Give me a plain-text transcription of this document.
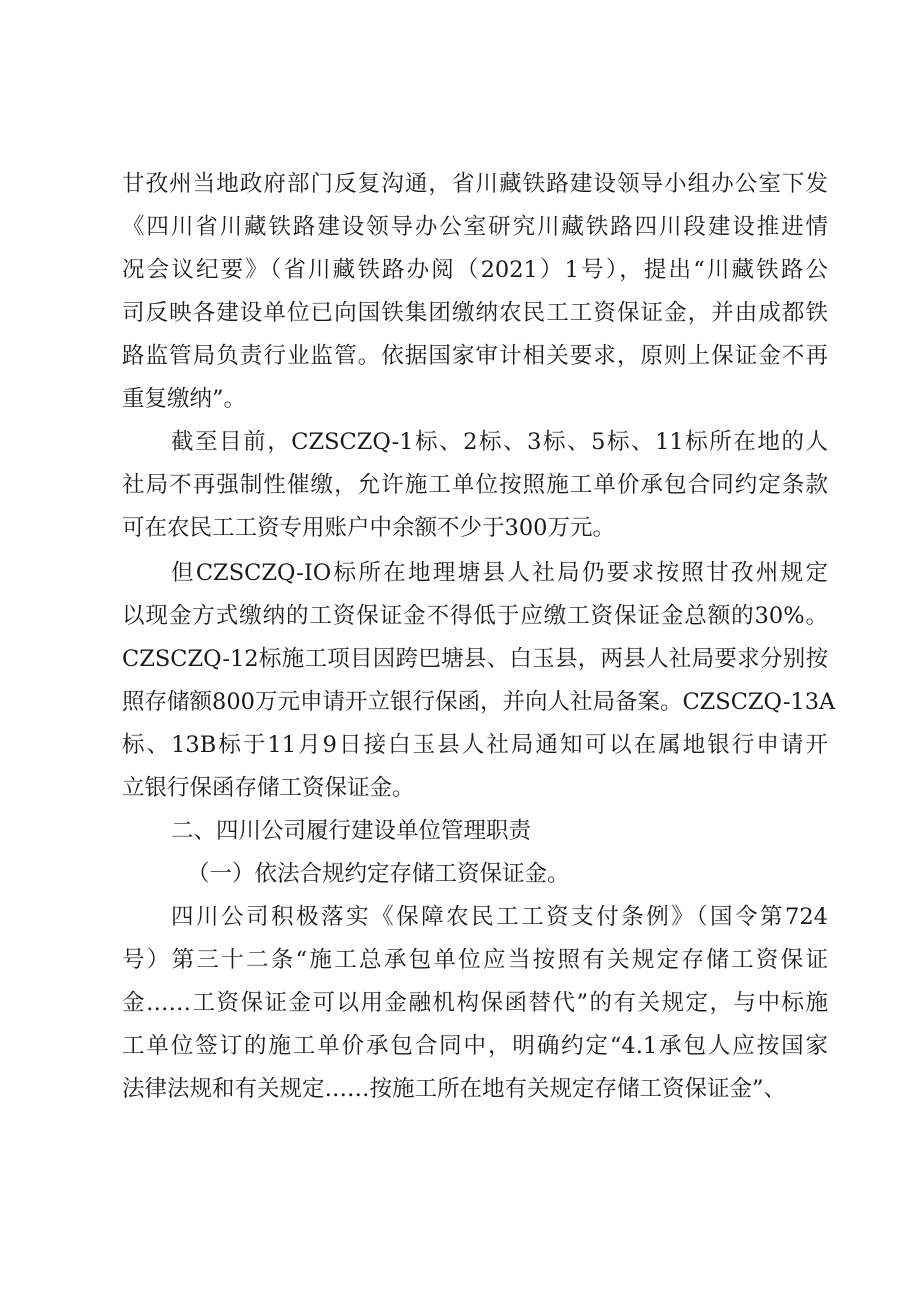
甘孜州当地政府部门反复沟通，省川藏铁路建设领导小组办公室下发
《四川省川藏铁路建设领导办公室研究川藏铁路四川段建设推进情
况会议纪要》（省川藏铁路办阅（2021）1号），提出“川藏铁路公
司反映各建设单位已向国铁集团缴纳农民工工资保证金，并由成都铁
路监管局负责行业监管。依据国家审计相关要求，原则上保证金不再
重复缴纳”。
截至目前，CZSCZQ-1标、2标、3标、5标、11标所在地的人
社局不再强制性催缴，允许施工单位按照施工单价承包合同约定条款
可在农民工工资专用账户中余额不少于300万元。
但CZSCZQ-IO标所在地理塘县人社局仍要求按照甘孜州规定
以现金方式缴纳的工资保证金不得低于应缴工资保证金总额的30%。
CZSCZQ-12标施工项目因跨巴塘县、白玉县，两县人社局要求分别按
照存储额800万元申请开立银行保函，并向人社局备案。CZSCZQ-13A
标、13B标于11月9日接白玉县人社局通知可以在属地银行申请开
立银行保函存储工资保证金。
二、四川公司履行建设单位管理职责
（一）依法合规约定存储工资保证金。
四川公司积极落实《保障农民工工资支付条例》（国令第724
号）第三十二条“施工总承包单位应当按照有关规定存储工资保证
金……工资保证金可以用金融机构保函替代”的有关规定，与中标施
工单位签订的施工单价承包合同中，明确约定“4.1承包人应按国家
法律法规和有关规定……按施工所在地有关规定存储工资保证金”、
